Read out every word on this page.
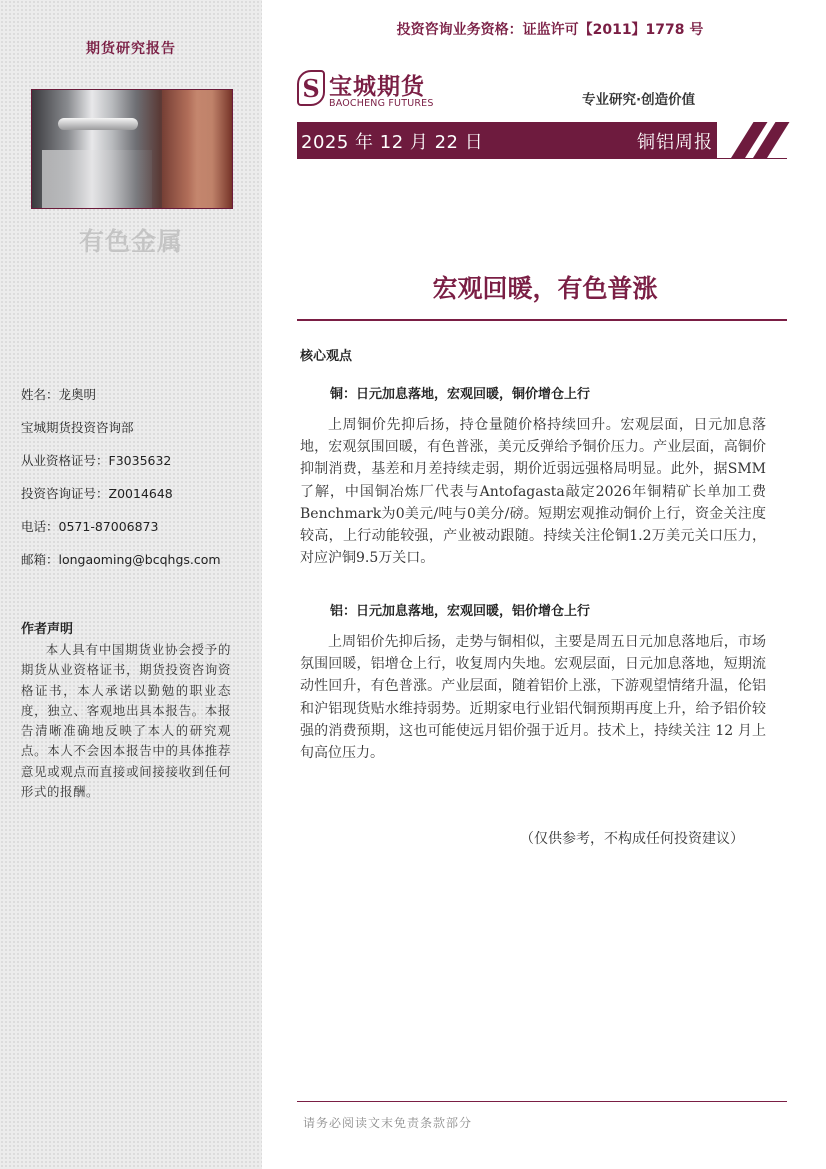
期货研究报告
有色金属
姓名：龙奥明
宝城期货投资咨询部
从业资格证号：F3035632
投资咨询证号：Z0014648
电话：0571-87006873
邮箱：longaoming@bcqhgs.com
作者声明
本人具有中国期货业协会授予的期货从业资格证书，期货投资咨询资格证书，本人承诺以勤勉的职业态度，独立、客观地出具本报告。本报告清晰准确地反映了本人的研究观点。本人不会因本报告中的具体推荐意见或观点而直接或间接接收到任何形式的报酬。
投资咨询业务资格：证监许可【2011】1778 号
S 宝城期货
BAOCHENG FUTURES	专业研究·创造价值
2025 年 12 月 22 日	铜铝周报
宏观回暖，有色普涨
核心观点
铜：日元加息落地，宏观回暖，铜价增仓上行
上周铜价先抑后扬，持仓量随价格持续回升。宏观层面，日元加息落地，宏观氛围回暖，有色普涨，美元反弹给予铜价压力。产业层面，高铜价抑制消费，基差和月差持续走弱，期价近弱远强格局明显。此外，据SMM了解，中国铜冶炼厂代表与Antofagasta敲定2026年铜精矿长单加工费Benchmark为0美元/吨与0美分/磅。短期宏观推动铜价上行，资金关注度较高，上行动能较强，产业被动跟随。持续关注伦铜1.2万美元关口压力，对应沪铜9.5万关口。
铝：日元加息落地，宏观回暖，铝价增仓上行
上周铝价先抑后扬，走势与铜相似，主要是周五日元加息落地后，市场氛围回暖，铝增仓上行，收复周内失地。宏观层面，日元加息落地，短期流动性回升，有色普涨。产业层面，随着铝价上涨，下游观望情绪升温，伦铝和沪铝现货贴水维持弱势。近期家电行业铝代铜预期再度上升，给予铝价较强的消费预期，这也可能使远月铝价强于近月。技术上，持续关注 12 月上旬高位压力。
（仅供参考，不构成任何投资建议）
请务必阅读文末免责条款部分
